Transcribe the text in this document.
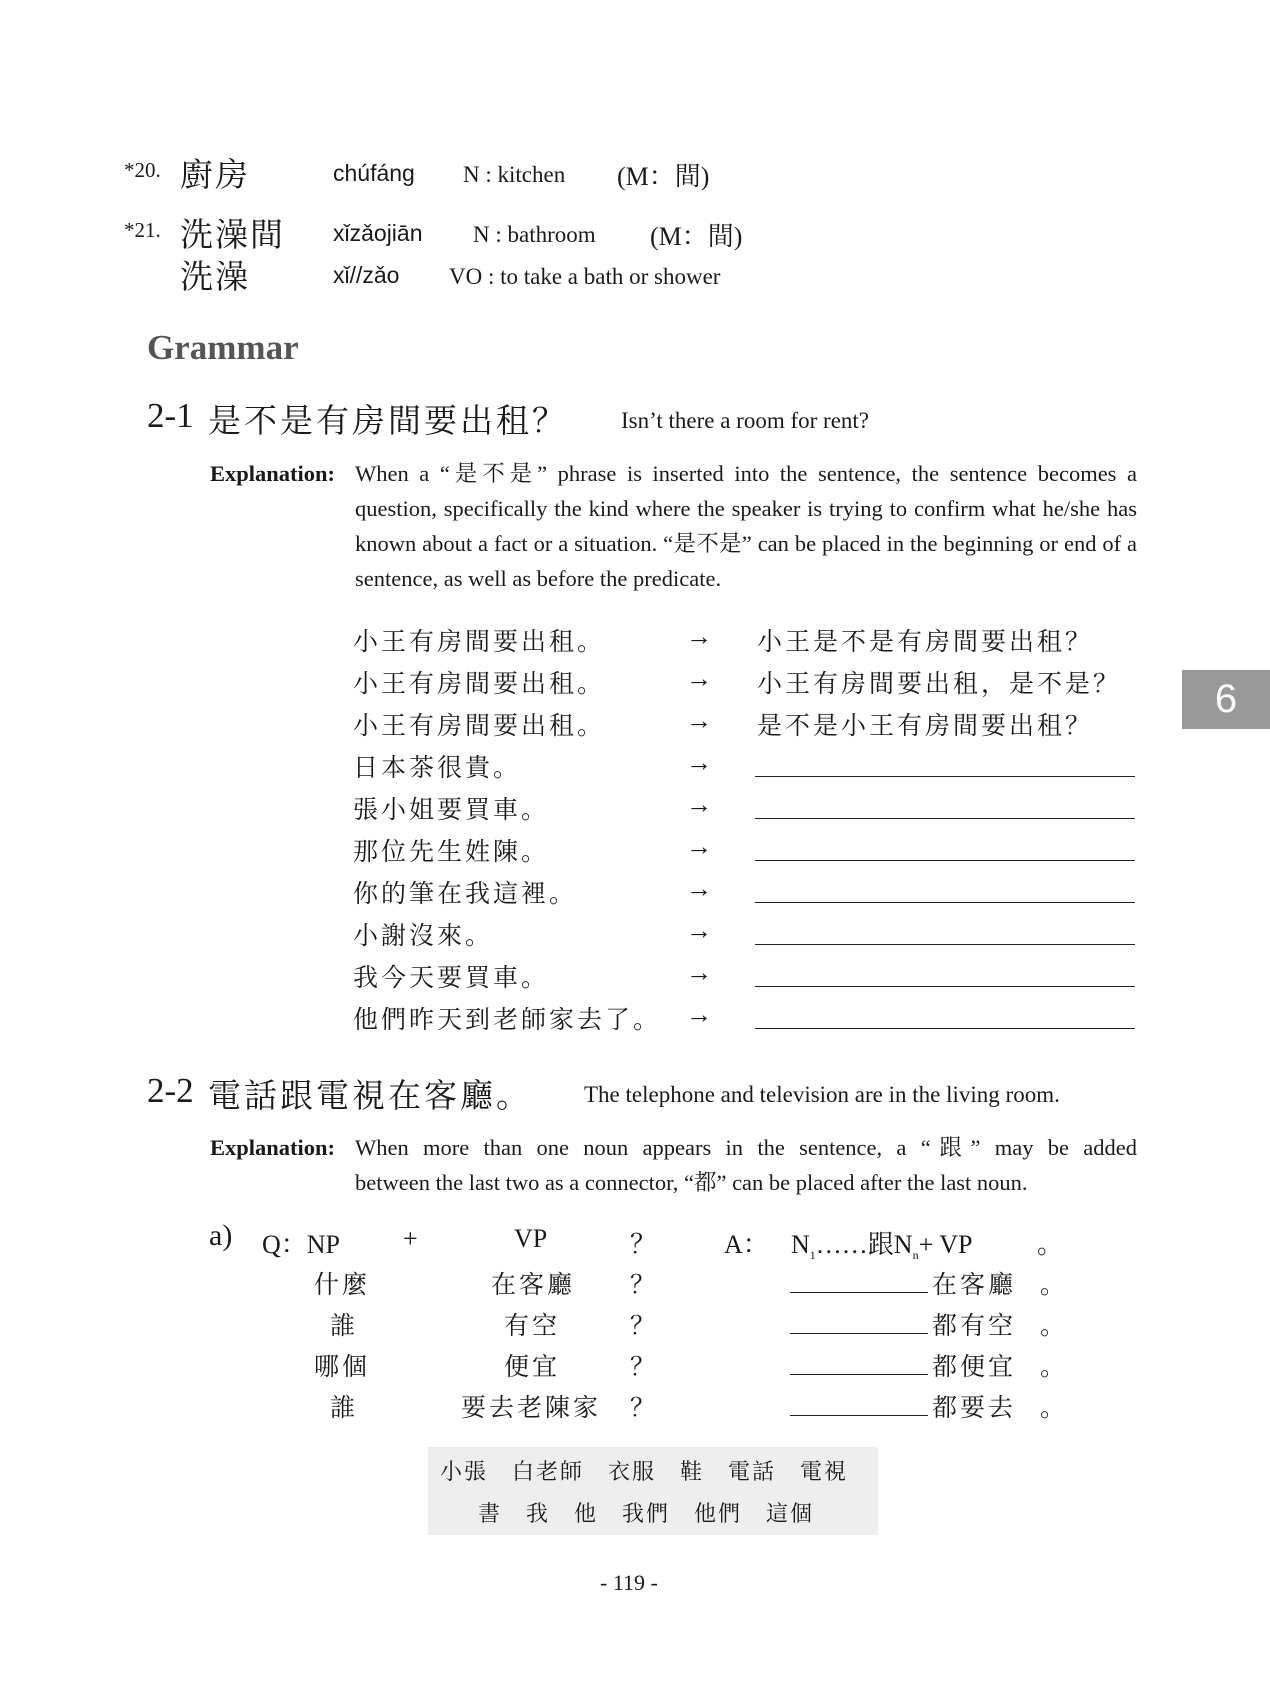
*20. 廚房	chúfáng N : kitchen (M：間)
*21. 洗澡間 xǐzǎojiān N : bathroom (M：間)
洗澡	xǐ//zǎo VO : to take a bath or shower
Grammar
2-1 是不是有房間要出租？ Isn’t there a room for rent?
Explanation: When a “是不是” phrase is inserted into the sentence, the sentence becomes a
question, specifically the kind where the speaker is trying to confirm what he/she has known about a fact or a situation. “是不是” can be placed in the beginning or end of a sentence, as well as before the predicate.
小王有房間要出租。	→ 小王是不是有房間要出租？
小王有房間要出租。	→ 小王有房間要出租，是不是？
小王有房間要出租。	→ 是不是小王有房間要出租？
日本茶很貴。	→
張小姐要買車。	→
那位先生姓陳。	→
你的筆在我這裡。	→
小謝沒來。	→
我今天要買車。	→
他們昨天到老師家去了。 →
2-2 電話跟電視在客廳。 The telephone and television are in the living room.
Explanation: When more than one noun appears in the sentence, a “跟” may be added
between the last two as a connector, “都” can be placed after the last noun.
a) Q：NP +	VP	？	A： $N_1\dots\dots$跟$N_n+$ VP 。
什麼	在客廳 ？	在客廳 。
誰	有空	？	都有空 。
哪個	便宜	？	都便宜 。
誰	要去老陳家 ？	都要去 。
小張　白老師　衣服　鞋　電話　電視
書　我　他　我們　他們　這個
6
- 119 -
